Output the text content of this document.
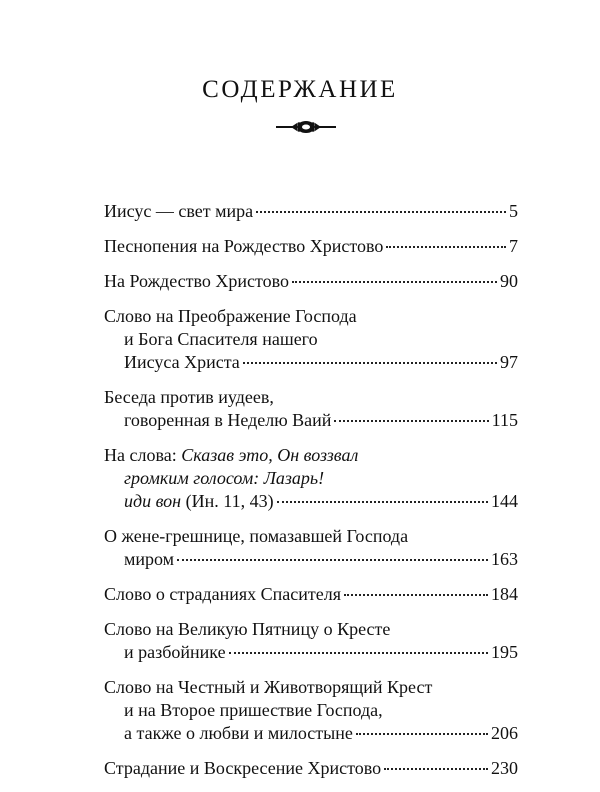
СОДЕРЖАНИЕ
Иисус — свет мира	5
Песнопения на Рождество Христово	7
На Рождество Христово	90
Слово на Преображение Господа
и Бога Спасителя нашего
Иисуса Христа	97
Беседа против иудеев,
говоренная в Неделю Ваий	115
На слова: Сказав это, Он воззвал
громким голосом: Лазарь!
иди вон (Ин. 11, 43)	144
О жене-грешнице, помазавшей Господа
миром	163
Слово о страданиях Спасителя	184
Слово на Великую Пятницу о Кресте
и разбойнике	195
Слово на Честный и Животворящий Крест
и на Второе пришествие Господа,
а также о любви и милостыне	206
Страдание и Воскресение Христово	230
